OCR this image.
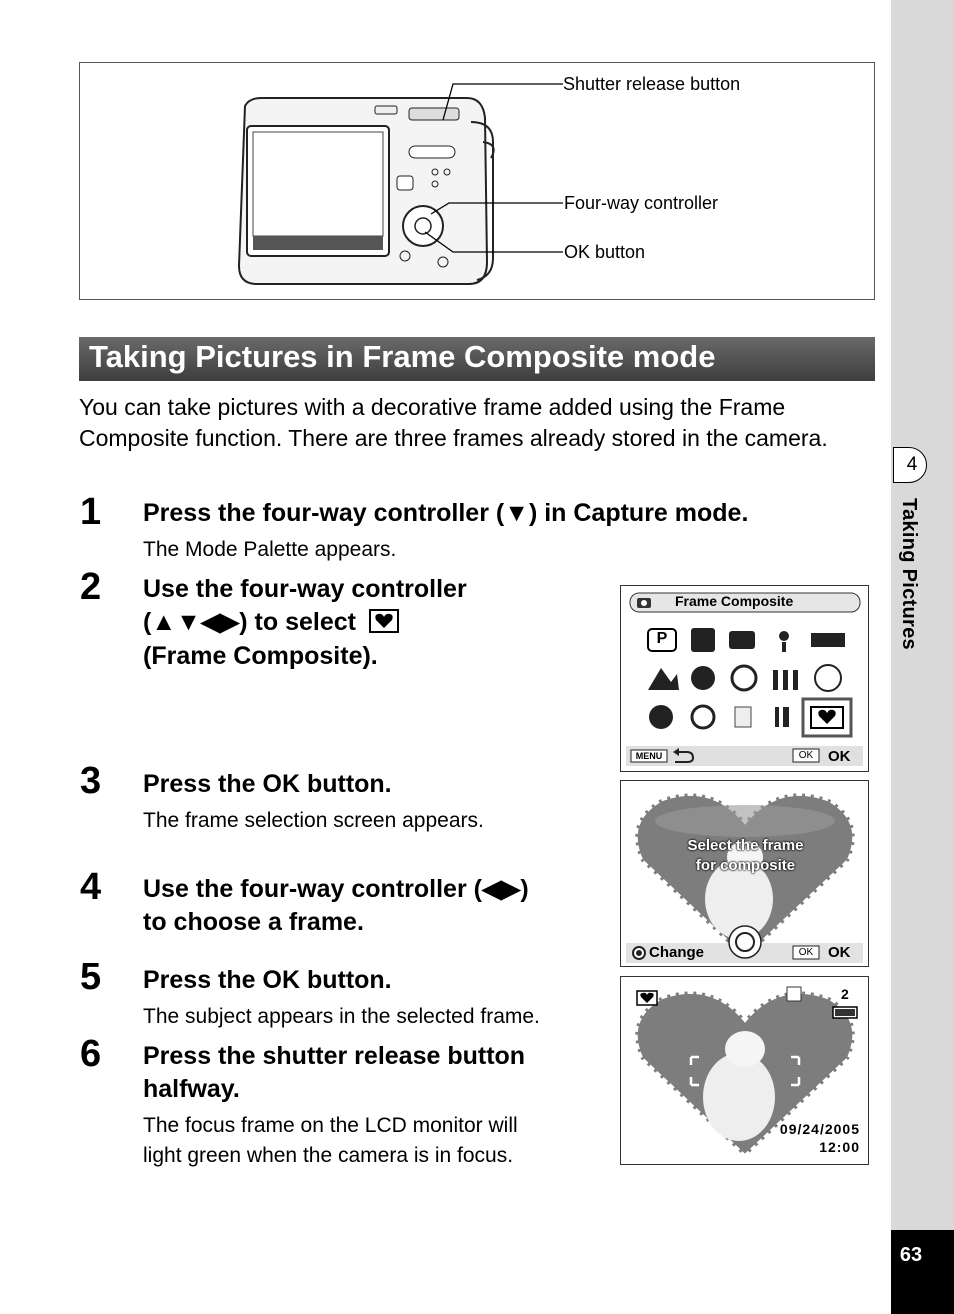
4
Taking Pictures
63
Shutter release button
Four-way controller
OK button
Taking Pictures in Frame Composite mode
You can take pictures with a decorative frame added using the Frame Composite function. There are three frames already stored in the camera.
1 Press the four-way controller (▼) in Capture mode.
The Mode Palette appears.
2 Use the four-way controller
(▲▼◀▶) to select
(Frame Composite).
3 Press the OK button.
The frame selection screen appears.
4 Use the four-way controller (◀▶)
to choose a frame.
5 Press the OK button.
The subject appears in the selected frame.
6 Press the shutter release button
halfway.
The focus frame on the LCD monitor will
light green when the camera is in focus.
Frame Composite
P
MENU	OK OK
Select the frame
for composite
Change	OK OK
2
09/24/2005
12:00
